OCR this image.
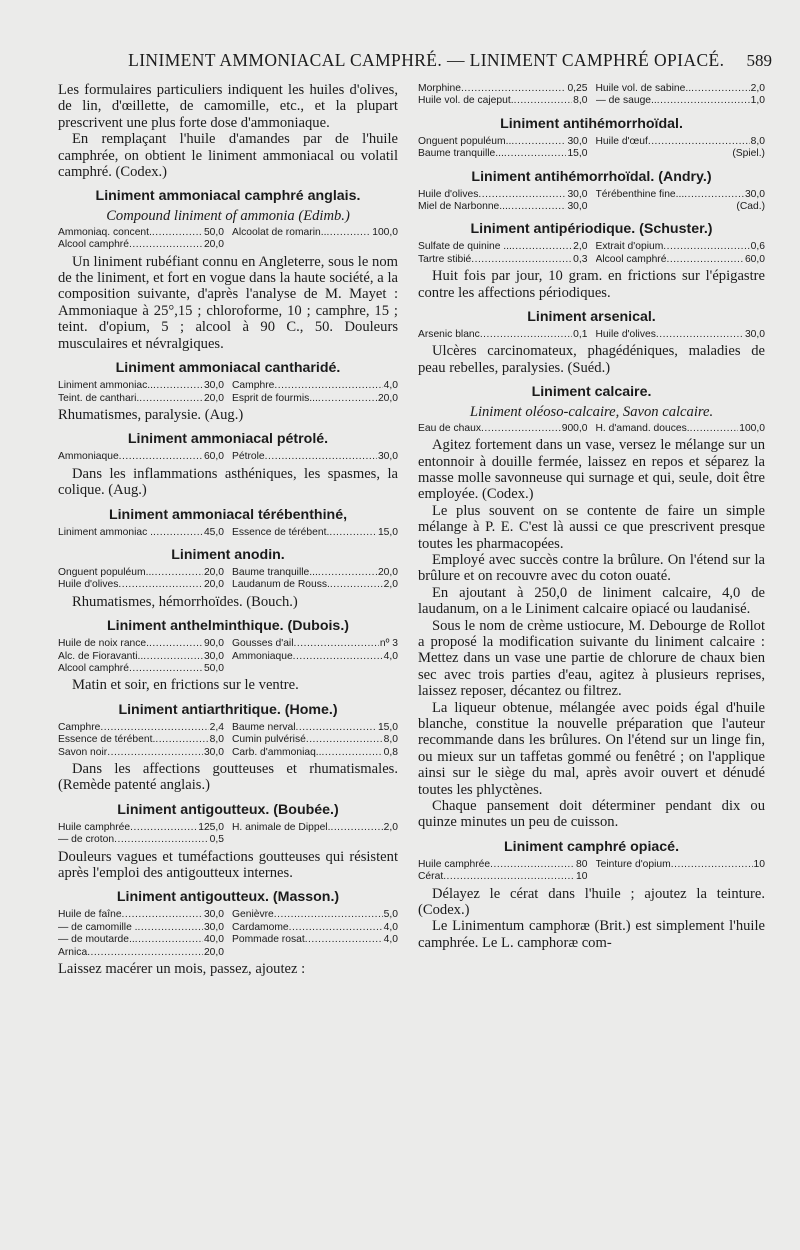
LINIMENT AMMONIACAL CAMPHRÉ. — LINIMENT CAMPHRÉ OPIACÉ.	589

Les formulaires particuliers indiquent les huiles d'olives, de lin, d'œillette, de camomille, etc., et la plupart prescrivent une plus forte dose d'ammoniaque.

En remplaçant l'huile d'amandes par de l'huile camphrée, on obtient le liniment ammoniacal ou volatil camphré. (Codex.)

Liniment ammoniacal camphré anglais.
Compound liniment of ammonia (Edimb.)
Ammoniaq. concent. .....	50,0 Alcoolat de romarin.. .....	100,0
Alcool camphré .....	20,0

Un liniment rubéfiant connu en Angleterre, sous le nom de the liniment, et fort en vogue dans la haute société, a la composition suivante, d'après l'analyse de M. Mayet : Ammoniaque à 25°,15 ; chloroforme, 10 ; camphre, 15 ; teint. d'opium, 5 ; alcool à 90 C., 50. Douleurs musculaires et névralgiques.

Liniment ammoniacal cantharidé.
Liniment ammoniac.. .....	30,0 Camphre .....	4,0
Teint. de canthari. .....	20,0 Esprit de fourmis... .....	20,0

Rhumatismes, paralysie. (Aug.)

Liniment ammoniacal pétrolé.
Ammoniaque .....	60,0 Pétrole .....	30,0

Dans les inflammations asthéniques, les spasmes, la colique. (Aug.)

Liniment ammoniacal térébenthiné,
Liniment ammoniac . .....	45,0 Essence de térébent. .....	15,0
Liniment anodin.
Onguent populéum.. .....	20,0 Baume tranquille... .....	20,0
Huile d'olives .....	20,0 Laudanum de Rouss. .....	2,0

Rhumatismes, hémorrhoïdes. (Bouch.)

Liniment anthelminthique. (Dubois.)
Huile de noix rance. .....	90,0 Gousses d'ail .....	nº 3
Alc. de Fioravanti.. .....	30,0 Ammoniaque .....	4,0
Alcool camphré .....	50,0

Matin et soir, en frictions sur le ventre.

Liniment antiarthritique. (Home.)
Camphre .....	2,4 Baume nerval .....	15,0
Essence de térébent. .....	8,0 Cumin pulvérisé .....	8,0
Savon noir .....	30,0 Carb. d'ammoniaq.. .....	0,8

Dans les affections goutteuses et rhumatismales. (Remède patenté anglais.)

Liniment antigoutteux. (Boubée.)
Huile camphrée .....	125,0 H. animale de Dippel. .....	2,0
— de croton .....	0,5

Douleurs vagues et tuméfactions goutteuses qui résistent après l'emploi des antigoutteux internes.

Liniment antigoutteux. (Masson.)
Huile de faîne .....	30,0 Genièvre .....	5,0
— de camomille . .....	30,0 Cardamome .....	4,0
— de moutarde.. .....	40,0 Pommade rosat .....	4,0
Arnica .....	20,0

Laissez macérer un mois, passez, ajoutez :

Morphine .....	0,25 Huile vol. de sabine.. .....	2,0
Huile vol. de cajeput. .....	8,0 — de sauge.. .....	1,0
Liniment antihémorrhoïdal.
Onguent populéum.. .....	30,0 Huile d'œuf .....	8,0
Baume tranquille... .....	15,0	(Spiel.)
Liniment antihémorrhoïdal. (Andry.)
Huile d'olives .....	30,0 Térébenthine fine... .....	30,0
Miel de Narbonne... .....	30,0	(Cad.)
Liniment antipériodique. (Schuster.)
Sulfate de quinine ... .....	2,0 Extrait d'opium .....	0,6
Tartre stibié .....	0,3 Alcool camphré .....	60,0

Huit fois par jour, 10 gram. en frictions sur l'épigastre contre les affections périodiques.

Liniment arsenical.
Arsenic blanc .....	0,1 Huile d'olives .....	30,0

Ulcères carcinomateux, phagédéniques, maladies de peau rebelles, paralysies. (Suéd.)

Liniment calcaire.
Liniment oléoso-calcaire, Savon calcaire.
Eau de chaux .....	900,0 H. d'amand. douces. .....	100,0

Agitez fortement dans un vase, versez le mélange sur un entonnoir à douille fermée, laissez en repos et séparez la masse molle savonneuse qui surnage et qui, seule, doit être employée. (Codex.)

Le plus souvent on se contente de faire un simple mélange à P. E. C'est là aussi ce que prescrivent presque toutes les pharmacopées.

Employé avec succès contre la brûlure. On l'étend sur la brûlure et on recouvre avec du coton ouaté.

En ajoutant à 250,0 de liniment calcaire, 4,0 de laudanum, on a le Liniment calcaire opiacé ou laudanisé.

Sous le nom de crème ustiocure, M. Debourge de Rollot a proposé la modification suivante du liniment calcaire : Mettez dans un vase une partie de chlorure de chaux bien sec avec trois parties d'eau, agitez à plusieurs reprises, laissez reposer, décantez ou filtrez.

La liqueur obtenue, mélangée avec poids égal d'huile blanche, constitue la nouvelle préparation que l'auteur recommande dans les brûlures. On l'étend sur un linge fin, ou mieux sur un taffetas gommé ou fenêtré ; on l'applique ainsi sur le siège du mal, après avoir ouvert et dénudé toutes les phlyctènes.

Chaque pansement doit déterminer pendant dix ou quinze minutes un peu de cuisson.

Liniment camphré opiacé.
Huile camphrée .....	80 Teinture d'opium .....	10
Cérat .....	10

Délayez le cérat dans l'huile ; ajoutez la teinture. (Codex.)

Le Linimentum camphoræ (Brit.) est simplement l'huile camphrée. Le L. camphoræ com-
